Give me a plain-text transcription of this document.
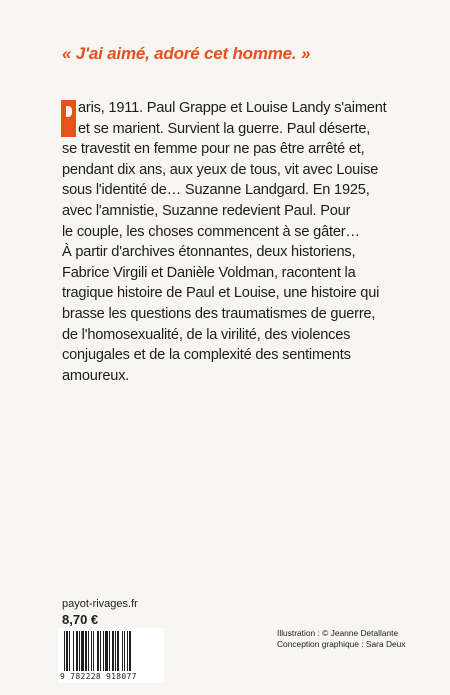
« J'ai aimé, adoré cet homme. »
aris, 1911. Paul Grappe et Louise Landy s'aiment
et se marient. Survient la guerre. Paul déserte,
se travestit en femme pour ne pas être arrêté et,
pendant dix ans, aux yeux de tous, vit avec Louise
sous l'identité de… Suzanne Landgard. En 1925,
avec l'amnistie, Suzanne redevient Paul. Pour
le couple, les choses commencent à se gâter…
À partir d'archives étonnantes, deux historiens,
Fabrice Virgili et Danièle Voldman, racontent la
tragique histoire de Paul et Louise, une histoire qui
brasse les questions des traumatismes de guerre,
de l'homosexualité, de la virilité, des violences
conjugales et de la complexité des sentiments
amoureux.
payot-rivages.fr
8,70 €
9 782228 918077
Illustration : © Jeanne Detallante
Conception graphique : Sara Deux
